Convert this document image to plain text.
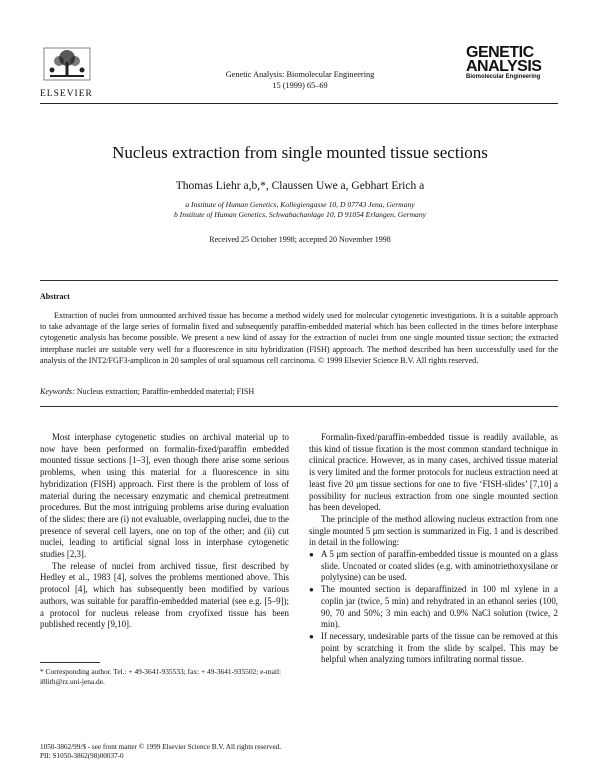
ELSEVIER
Genetic Analysis: Biomolecular Engineering
15 (1999) 65–69
GENETIC
ANALYSIS
Biomolecular Engineering
Nucleus extraction from single mounted tissue sections
Thomas Liehr a,b,*, Claussen Uwe a, Gebhart Erich a
a Institute of Human Genetics, Kollegiengasse 10, D 07743 Jena, Germany
b Institute of Human Genetics, Schwabachanlage 10, D 91054 Erlangen, Germany
Received 25 October 1998; accepted 20 November 1998
Abstract
Extraction of nuclei from unmounted archived tissue has become a method widely used for molecular cytogenetic investigations. It is a suitable approach to take advantage of the large series of formalin fixed and subsequently paraffin-embedded material which has been collected in the times before interphase cytogenetic analysis has become possible. We present a new kind of assay for the extraction of nuclei from one single mounted tissue section; the extracted interphase nuclei are suitable very well for a fluorescence in situ hybridization (FISH) approach. The method described has been successfully used for the analysis of the INT2/FGF3-amplicon in 20 samples of oral squamous cell carcinoma. © 1999 Elsevier Science B.V. All rights reserved.
Keywords: Nucleus extraction; Paraffin-embedded material; FISH

Most interphase cytogenetic studies on archival material up to now have been performed on formalin-fixed/paraffin embedded mounted tissue sections [1–3], even though there arise some serious problems, when using this material for a fluorescence in situ hybridization (FISH) approach. First there is the problem of loss of material during the necessary enzymatic and chemical pretreatment procedures. But the most intriguing problems arise during evaluation of the slides: there are (i) not evaluable, overlapping nuclei, due to the presence of several cell layers, one on top of the other; and (ii) cut nuclei, leading to artificial signal loss in interphase cytogenetic studies [2,3].

The release of nuclei from archived tissue, first described by Hedley et al., 1983 [4], solves the problems mentioned above. This protocol [4], which has subsequently been modified by various authors, was suitable for paraffin-embedded material (see e.g. [5–9]); a protocol for nucleus release from cryofixed tissue has been published recently [9,10].

Formalin-fixed/paraffin-embedded tissue is readily available, as this kind of tissue fixation is the most common standard technique in clinical practice. However, as in many cases, archived tissue material is very limited and the former protocols for nucleus extraction need at least five 20 μm tissue sections for one to five ‘FISH-slides’ [7,10] a possibility for nucleus extraction from one single mounted section has been developed.

The principle of the method allowing nucleus extraction from one single mounted 5 μm section is summarized in Fig. 1 and is described in detail in the following:

● A 5 μm section of paraffin-embedded tissue is mounted on a glass slide. Uncoated or coated slides (e.g. with aminotriethoxysilane or polylysine) can be used.
● The mounted section is deparaffinized in 100 ml xylene in a coplin jar (twice, 5 min) and rehydrated in an ethanol series (100, 90, 70 and 50%; 3 min each) and 0.9% NaCl solution (twice, 2 min).
● If necessary, undesirable parts of the tissue can be removed at this point by scratching it from the slide by scalpel. This may be helpful when analyzing tumors infiltrating normal tissue.
* Corresponding author. Tel.: + 49-3641-935533; fax: + 49-3641-935502; e-mail: i8lith@rz.uni-jena.de.
1050-3862/99/$ - see front matter © 1999 Elsevier Science B.V. All rights reserved.
PII: S1050-3862(98)00037-0
